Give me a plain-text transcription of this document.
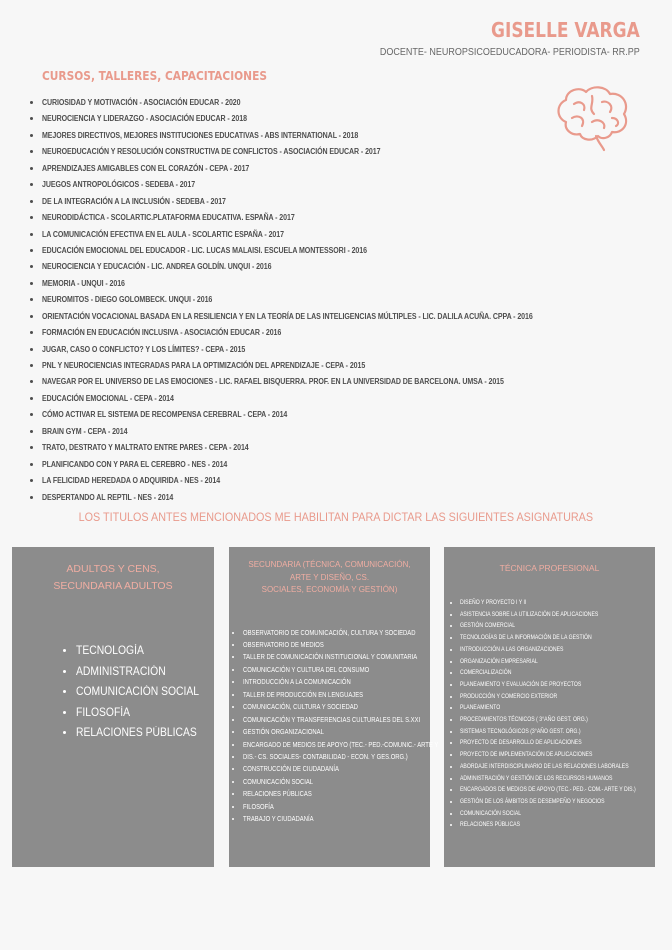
GISELLE VARGA
DOCENTE- NEUROPSICOEDUCADORA- PERIODISTA- RR.PP
CURSOS, TALLERES, CAPACITACIONES
• CURIOSIDAD Y MOTIVACIÓN - ASOCIACIÓN EDUCAR - 2020
• NEUROCIENCIA Y LIDERAZGO - ASOCIACIÓN EDUCAR - 2018
• MEJORES DIRECTIVOS, MEJORES INSTITUCIONES EDUCATIVAS - ABS INTERNATIONAL - 2018
• NEUROEDUCACIÓN Y RESOLUCIÓN CONSTRUCTIVA DE CONFLICTOS - ASOCIACIÓN EDUCAR - 2017
• APRENDIZAJES AMIGABLES CON EL CORAZÓN - CEPA - 2017
• JUEGOS ANTROPOLÓGICOS - SEDEBA - 2017
• DE LA INTEGRACIÓN A LA INCLUSIÓN - SEDEBA - 2017
• NEURODIDÁCTICA - SCOLARTIC.PLATAFORMA EDUCATIVA. ESPAÑA - 2017
• LA COMUNICACIÓN EFECTIVA EN EL AULA - SCOLARTIC ESPAÑA - 2017
• EDUCACIÓN EMOCIONAL DEL EDUCADOR - LIC. LUCAS MALAISI. ESCUELA MONTESSORI - 2016
• NEUROCIENCIA Y EDUCACIÓN - LIC. ANDREA GOLDÍN. UNQUI - 2016
• MEMORIA - UNQUI - 2016
• NEUROMITOS - DIEGO GOLOMBECK. UNQUI - 2016
• ORIENTACIÓN VOCACIONAL BASADA EN LA RESILIENCIA Y EN LA TEORÍA DE LAS INTELIGENCIAS MÚLTIPLES - LIC. DALILA ACUÑA. CPPA - 2016
• FORMACIÓN EN EDUCACIÓN INCLUSIVA - ASOCIACIÓN EDUCAR - 2016
• JUGAR, CASO O CONFLICTO? Y LOS LÍMITES? - CEPA - 2015
• PNL Y NEUROCIENCIAS INTEGRADAS PARA LA OPTIMIZACIÓN DEL APRENDIZAJE - CEPA - 2015
• NAVEGAR POR EL UNIVERSO DE LAS EMOCIONES - LIC. RAFAEL BISQUERRA. PROF. EN LA UNIVERSIDAD DE BARCELONA. UMSA - 2015
• EDUCACIÓN EMOCIONAL - CEPA - 2014
• CÓMO ACTIVAR EL SISTEMA DE RECOMPENSA CEREBRAL - CEPA - 2014
• BRAIN GYM - CEPA - 2014
• TRATO, DESTRATO Y MALTRATO ENTRE PARES - CEPA - 2014
• PLANIFICANDO CON Y PARA EL CEREBRO - NES - 2014
• LA FELICIDAD HEREDADA O ADQUIRIDA - NES - 2014
• DESPERTANDO AL REPTIL - NES - 2014
LOS TITULOS ANTES MENCIONADOS ME HABILITAN PARA DICTAR LAS SIGUIENTES ASIGNATURAS
ADULTOS Y CENS,
SECUNDARIA ADULTOS
• TECNOLOGÍA
• ADMINISTRACIÓN
• COMUNICACIÓN SOCIAL
• FILOSOFÍA
• RELACIONES PÚBLICAS
SECUNDARIA (TÉCNICA, COMUNICACIÓN, ARTE Y DISEÑO, CS.
SOCIALES, ECONOMÍA Y GESTIÓN)
• OBSERVATORIO DE COMUNICACIÓN, CULTURA Y SOCIEDAD
• OBSERVATORIO DE MEDIOS
• TALLER DE COMUNICACIÓN INSTITUCIONAL Y COMUNITARIA
• COMUNICACIÓN Y CULTURA DEL CONSUMO
• INTRODUCCIÓN A LA COMUNICACIÓN
• TALLER DE PRODUCCIÓN EN LENGUAJES
• COMUNICACIÓN, CULTURA Y SOCIEDAD
• COMUNICACIÓN Y TRANSFERENCIAS CULTURALES DEL S.XXI
• GESTIÓN ORGANIZACIONAL
• ENCARGADO DE MEDIOS DE APOYO (TEC.- PED.-COMUNIC.- ARTE Y
• DIS.- CS. SOCIALES- CONTABILIDAD - ECON. Y GES.ORG.)
• CONSTRUCCIÓN DE CIUDADANÍA
• COMUNICACIÓN SOCIAL
• RELACIONES PÚBLICAS
• FILOSOFÍA
• TRABAJO Y CIUDADANÍA
TÉCNICA PROFESIONAL
• DISEÑO Y PROYECTO I Y II
• ASISTENCIA SOBRE LA UTILIZACIÓN DE APLICACIONES
• GESTIÓN COMERCIAL
• TECNOLOGÍAS DE LA INFORMACIÓN DE LA GESTIÓN
• INTRODUCCIÓN A LAS ORGANIZACIONES
• ORGANIZACIÓN EMPRESARIAL
• COMERCIALIZACIÓN
• PLANEAMIENTO Y EVALUACIÓN DE PROYECTOS
• PRODUCCIÓN Y COMERCIO EXTERIOR
• PLANEAMIENTO
• PROCEDIMIENTOS TÉCNICOS ( 3°AÑO GEST. ORG.)
• SISTEMAS TECNOLÓGICOS (3°AÑO GEST. ORG.)
• PROYECTO DE DESARROLLO DE APLICACIONES
• PROYECTO DE IMPLEMENTACIÓN DE APLICACIONES
• ABORDAJE INTERDISCIPLINARIO DE LAS RELACIONES LABORALES
• ADMINISTRACIÓN Y GESTIÓN DE LOS RECURSOS HUMANOS
• ENCARGADOS DE MEDIOS DE APOYO (TEC.- PED.- COM.- ARTE Y DIS.)
• GESTIÓN DE LOS ÁMBITOS DE DESEMPEÑO Y NEGOCIOS
• COMUNICACIÓN SOCIAL
• RELACIONES PÚBLICAS
